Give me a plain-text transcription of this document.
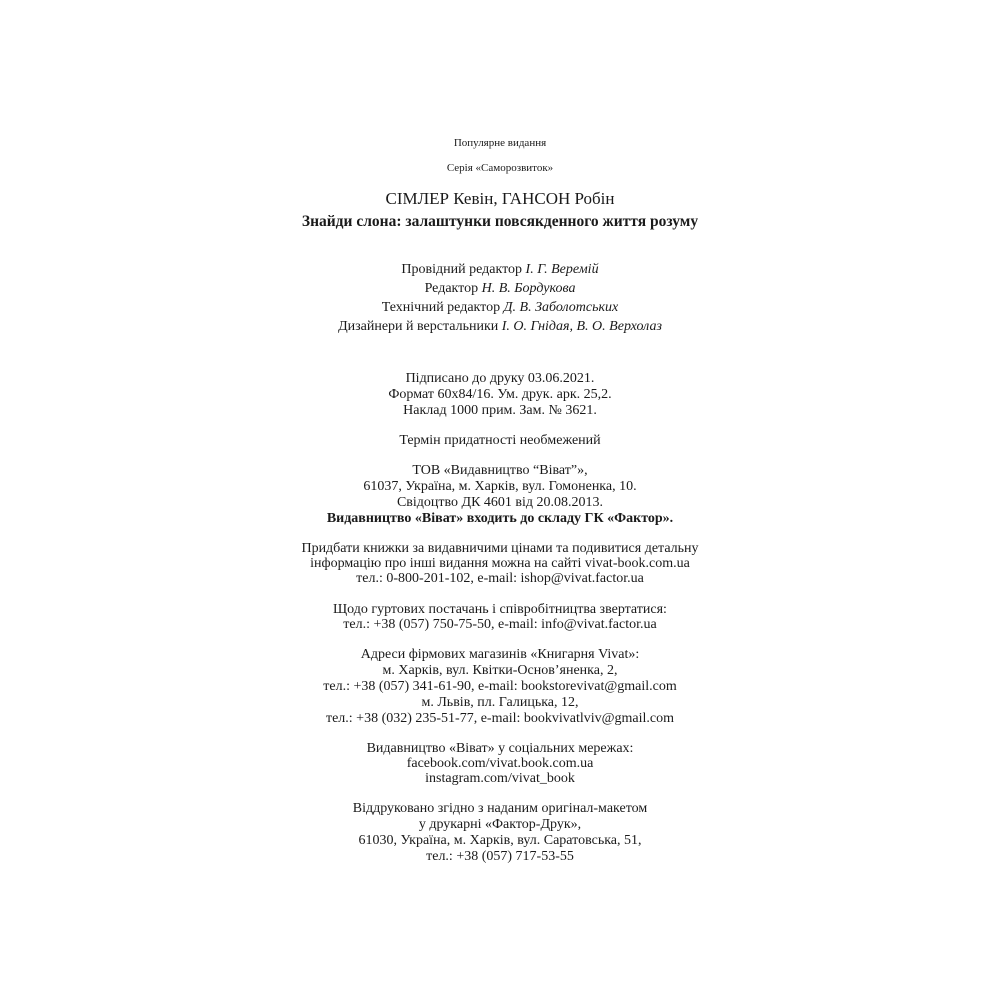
Популярне видання
Серія «Саморозвиток»
СІМЛЕР Кевін, ГАНСОН Робін
Знайди слона: залаштунки повсякденного життя розуму
Провідний редактор І. Г. Веремій
Редактор Н. В. Бордукова
Технічний редактор Д. В. Заболотських
Дизайнери й верстальники І. О. Гнідая, В. О. Верхолаз
Підписано до друку 03.06.2021.
Формат 60х84/16. Ум. друк. арк. 25,2.
Наклад 1000 прим. Зам. № 3621.
Термін придатності необмежений
ТОВ «Видавництво “Віват”»,
61037, Україна, м. Харків, вул. Гомоненка, 10.
Свідоцтво ДК 4601 від 20.08.2013.
Видавництво «Віват» входить до складу ГК «Фактор».
Придбати книжки за видавничими цінами та подивитися детальну
інформацію про інші видання можна на сайті vivat-book.com.ua
тел.: 0-800-201-102, e-mail: ishop@vivat.factor.ua
Щодо гуртових постачань і співробітництва звертатися:
тел.: +38 (057) 750-75-50, e-mail: info@vivat.factor.ua
Адреси фірмових магазинів «Книгарня Vivat»:
м. Харків, вул. Квітки-Основ’яненка, 2,
тел.: +38 (057) 341-61-90, e-mail: bookstorevivat@gmail.com
м. Львів, пл. Галицька, 12,
тел.: +38 (032) 235-51-77, e-mail: bookvivatlviv@gmail.com
Видавництво «Віват» у соціальних мережах:
facebook.com/vivat.book.com.ua
instagram.com/vivat_book
Віддруковано згідно з наданим оригінал-макетом
у друкарні «Фактор-Друк»,
61030, Україна, м. Харків, вул. Саратовська, 51,
тел.: +38 (057) 717-53-55
